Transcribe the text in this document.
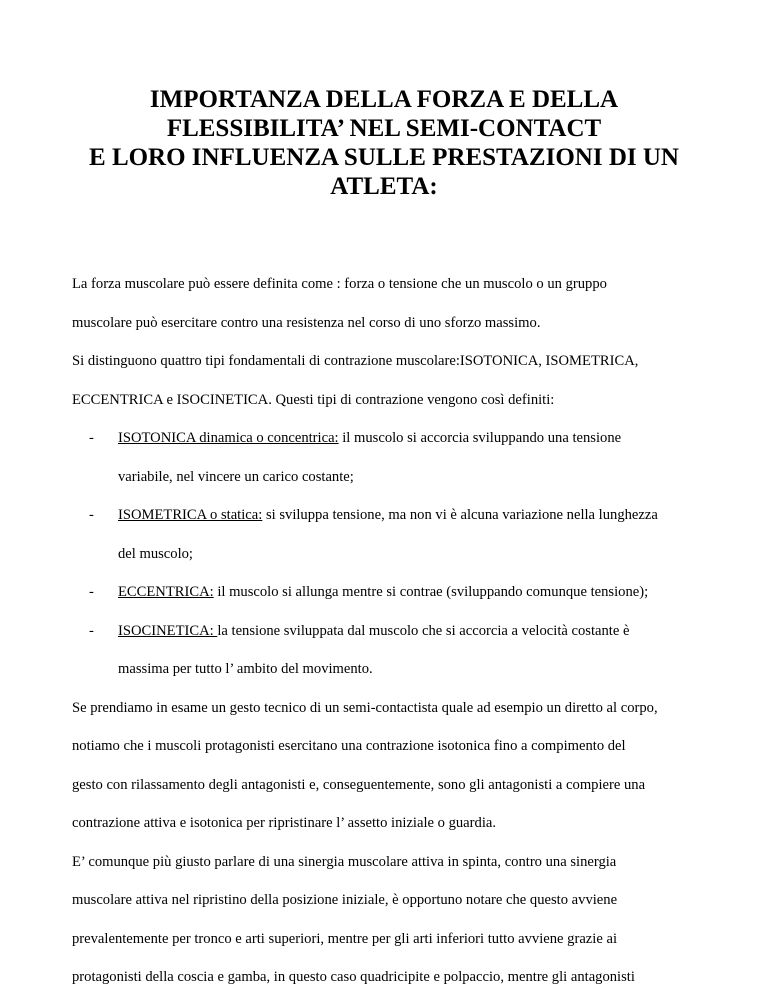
IMPORTANZA DELLA FORZA E DELLA
FLESSIBILITA’ NEL SEMI-CONTACT
E LORO INFLUENZA SULLE PRESTAZIONI DI UN
ATLETA:
La forza muscolare può essere definita come : forza o tensione che un muscolo o un gruppo
muscolare può esercitare contro una resistenza nel corso di uno sforzo massimo.
Si distinguono quattro tipi fondamentali di contrazione muscolare:ISOTONICA, ISOMETRICA,
ECCENTRICA e ISOCINETICA. Questi tipi di contrazione vengono così definiti:
- ISOTONICA dinamica o concentrica: il muscolo si accorcia sviluppando una tensione
variabile, nel vincere un carico costante;
- ISOMETRICA o statica: si sviluppa tensione, ma non vi è alcuna variazione nella lunghezza
del muscolo;
- ECCENTRICA: il muscolo si allunga mentre si contrae (sviluppando comunque tensione);
- ISOCINETICA: la tensione sviluppata dal muscolo che si accorcia a velocità costante è
massima per tutto l’ ambito del movimento.
Se prendiamo in esame un gesto tecnico di un semi-contactista quale ad esempio un diretto al corpo,
notiamo che i muscoli protagonisti esercitano una contrazione isotonica fino a compimento del
gesto con rilassamento degli antagonisti e, conseguentemente, sono gli antagonisti a compiere una
contrazione attiva e isotonica per ripristinare l’ assetto iniziale o guardia.
E’ comunque più giusto parlare di una sinergia muscolare attiva in spinta, contro una sinergia
muscolare attiva nel ripristino della posizione iniziale, è opportuno notare che questo avviene
prevalentemente per tronco e arti superiori, mentre per gli arti inferiori tutto avviene grazie ai
protagonisti della coscia e gamba, in questo caso quadricipite e polpaccio, mentre gli antagonisti
